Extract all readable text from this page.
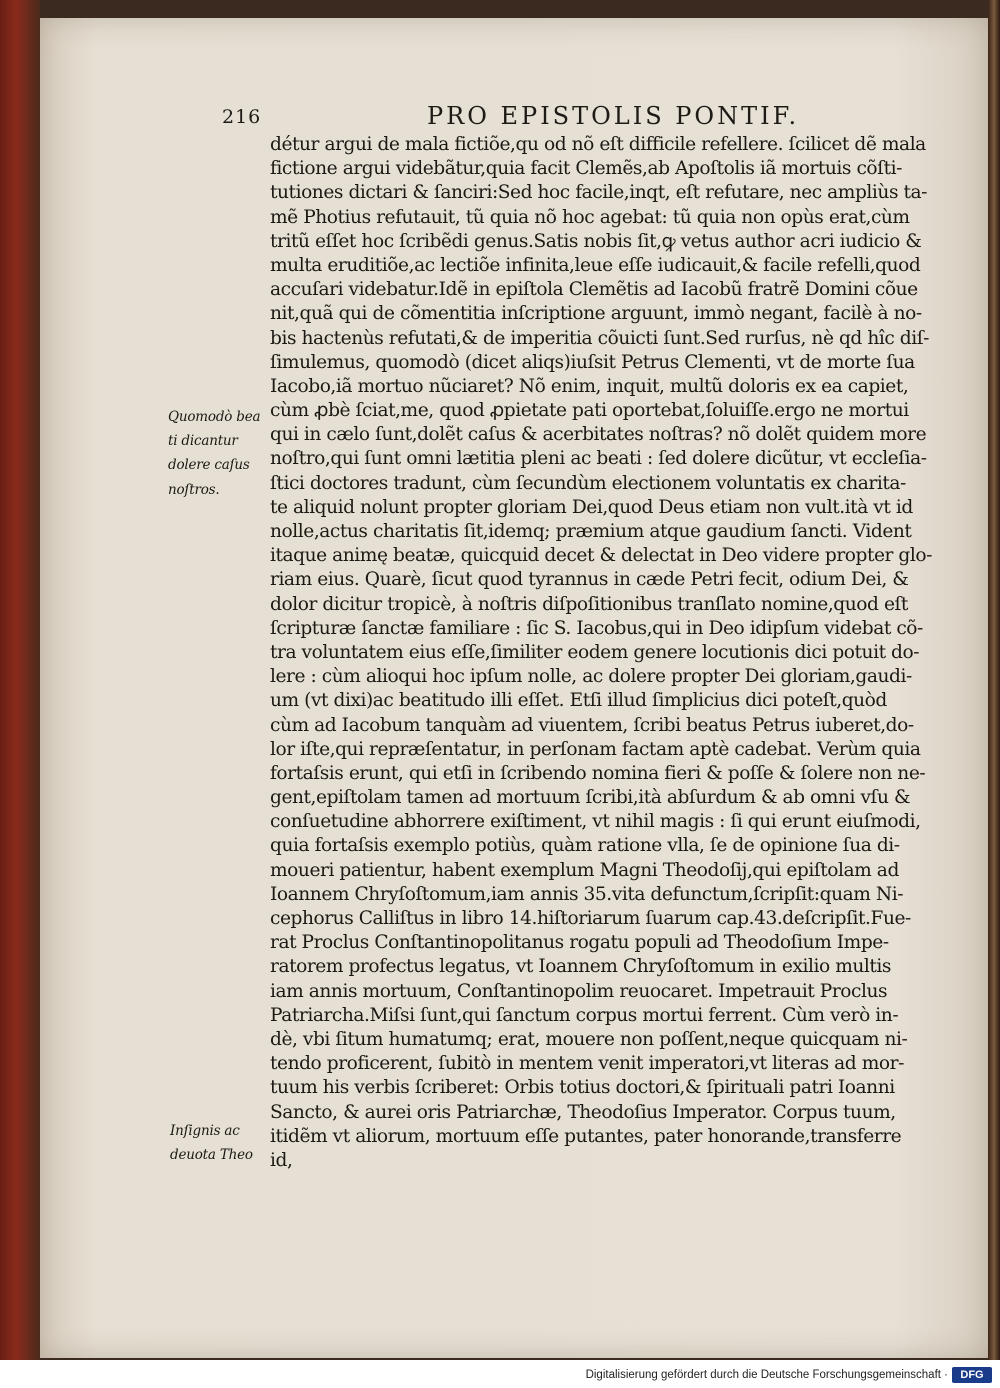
216	PRO EPISTOLIS PONTIF.
Quomodò bea
ti dicantur
dolere caſus
noſtros.
Inſignis ac
deuota Theo
détur argui de mala fictiõe,qu od nõ eſt difficile refellere. ſcilicet dẽ mala
fictione argui videbãtur,quia facit Clemẽs,ab Apoſtolis iã mortuis cõſti-
tutiones dictari & ſanciri:Sed hoc facile,inqt, eſt refutare, nec ampliùs ta-
mẽ Photius refutauit, tũ quia nõ hoc agebat: tũ quia non opùs erat,cùm
tritũ eſſet hoc ſcribẽdi genus.Satis nobis ſit,ꝙ vetus author acri iudicio &
multa eruditiõe,ac lectiõe infinita,leue eſſe iudicauit,& facile refelli,quod
accuſari videbatur.Idẽ in epiſtola Clemẽtis ad Iacobũ fratrẽ Domini cõue
nit,quã qui de cõmentitia inſcriptione arguunt, immò negant, facilè à no-
bis hactenùs refutati,& de imperitia cõuicti ſunt.Sed rurſus, nè qd hîc diſ-
ſimulemus, quomodò (dicet aliqs)iuſsit Petrus Clementi, vt de morte ſua
Iacobo,iã mortuo nũciaret? Nõ enim, inquit, multũ doloris ex ea capiet,
cùm ꝓbè ſciat,me, quod ꝓpietate pati oportebat,ſoluiſſe.ergo ne mortui
qui in cælo ſunt,dolẽt caſus & acerbitates noſtras? nõ dolẽt quidem more
noſtro,qui ſunt omni lætitia pleni ac beati : ſed dolere dicũtur, vt eccleſia-
ſtici doctores tradunt, cùm ſecundùm electionem voluntatis ex charita-
te aliquid nolunt propter gloriam Dei,quod Deus etiam non vult.ità vt id
nolle,actus charitatis ſit,idemq; præmium atque gaudium ſancti. Vident
itaque animę beatæ, quicquid decet & delectat in Deo videre propter glo-
riam eius. Quarè, ſicut quod tyrannus in cæde Petri fecit, odium Dei, &
dolor dicitur tropicè, à noſtris diſpoſitionibus tranſlato nomine,quod eſt
ſcripturæ ſanctæ familiare : ſic S. Iacobus,qui in Deo idipſum videbat cõ-
tra voluntatem eius eſſe,ſimiliter eodem genere locutionis dici potuit do-
lere : cùm alioqui hoc ipſum nolle, ac dolere propter Dei gloriam,gaudi-
um (vt dixi)ac beatitudo illi eſſet. Etſi illud ſimplicius dici poteſt,quòd
cùm ad Iacobum tanquàm ad viuentem, ſcribi beatus Petrus iuberet,do-
lor iſte,qui repræſentatur, in perſonam factam aptè cadebat. Verùm quia
fortaſsis erunt, qui etſi in ſcribendo nomina fieri & poſſe & ſolere non ne-
gent,epiſtolam tamen ad mortuum ſcribi,ità abſurdum & ab omni vſu &
conſuetudine abhorrere exiſtiment, vt nihil magis : ſi qui erunt eiuſmodi,
quia fortaſsis exemplo potiùs, quàm ratione vlla, ſe de opinione ſua di-
moueri patientur, habent exemplum Magni Theodoſij,qui epiſtolam ad
Ioannem Chryſoſtomum,iam annis 35.vita defunctum,ſcripſit:quam Ni-
cephorus Calliſtus in libro 14.hiſtoriarum ſuarum cap.43.deſcripſit.Fue-
rat Proclus Conſtantinopolitanus rogatu populi ad Theodoſium Impe-
ratorem profectus legatus, vt Ioannem Chryſoſtomum in exilio multis
iam annis mortuum, Conſtantinopolim reuocaret. Impetrauit Proclus
Patriarcha.Miſsi ſunt,qui ſanctum corpus mortui ferrent. Cùm verò in-
dè, vbi ſitum humatumq; erat, mouere non poſſent,neque quicquam ni-
tendo proficerent, ſubitò in mentem venit imperatori,vt literas ad mor-
tuum his verbis ſcriberet: Orbis totius doctori,& ſpirituali patri Ioanni
Sancto, & aurei oris Patriarchæ, Theodoſius Imperator. Corpus tuum,
itidẽm vt aliorum, mortuum eſſe putantes, pater honorande,transferre
id,
Digitalisierung gefördert durch die Deutsche Forschungsgemeinschaft ·	DFG
